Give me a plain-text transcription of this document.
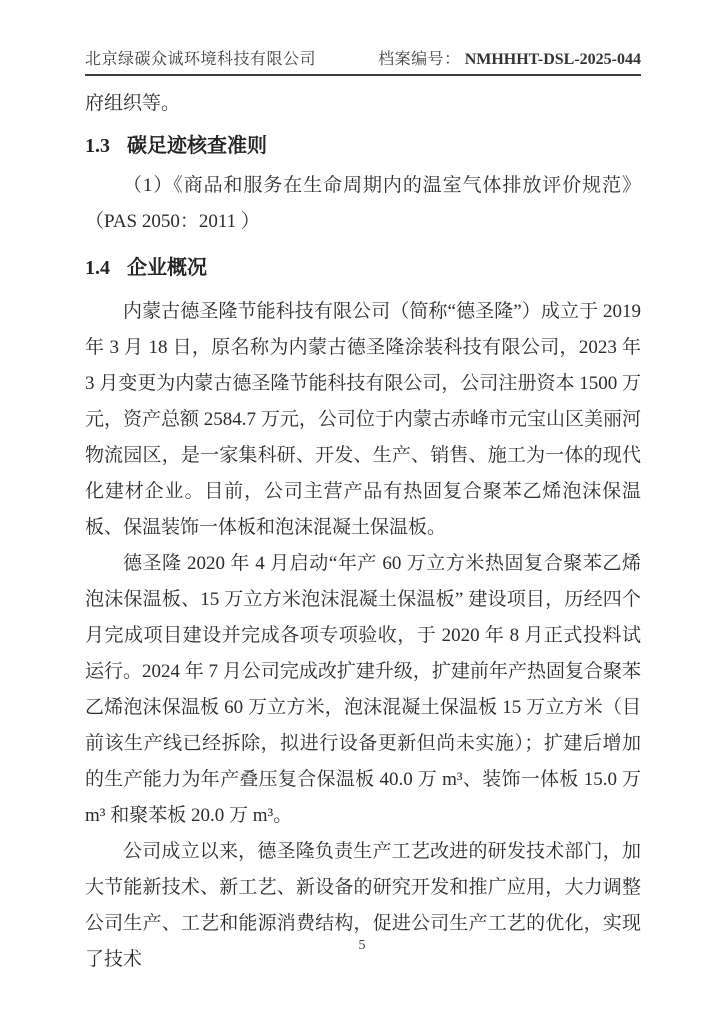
北京绿碳众诚环境科技有限公司	档案编号： NMHHHT-DSL-2025-044

府组织等。

1.3 碳足迹核查准则

（1）《商品和服务在生命周期内的温室气体排放评价规范》（PAS 2050：2011 ）

1.4 企业概况

内蒙古德圣隆节能科技有限公司（简称“德圣隆”）成立于 2019 年 3 月 18 日，原名称为内蒙古德圣隆涂装科技有限公司，2023 年 3 月变更为内蒙古德圣隆节能科技有限公司，公司注册资本 1500 万元，资产总额 2584.7 万元，公司位于内蒙古赤峰市元宝山区美丽河物流园区，是一家集科研、开发、生产、销售、施工为一体的现代化建材企业。目前，公司主营产品有热固复合聚苯乙烯泡沫保温板、保温装饰一体板和泡沫混凝土保温板。

德圣隆 2020 年 4 月启动“年产 60 万立方米热固复合聚苯乙烯泡沫保温板、15 万立方米泡沫混凝土保温板” 建设项目，历经四个月完成项目建设并完成各项专项验收，于 2020 年 8 月正式投料试运行。2024 年 7 月公司完成改扩建升级，扩建前年产热固复合聚苯乙烯泡沫保温板 60 万立方米，泡沫混凝土保温板 15 万立方米（目前该生产线已经拆除，拟进行设备更新但尚未实施）；扩建后增加的生产能力为年产叠压复合保温板 40.0 万 m³、装饰一体板 15.0 万 m³ 和聚苯板 20.0 万 m³。

公司成立以来，德圣隆负责生产工艺改进的研发技术部门，加大节能新技术、新工艺、新设备的研究开发和推广应用，大力调整公司生产、工艺和能源消费结构，促进公司生产工艺的优化，实现了技术

5
